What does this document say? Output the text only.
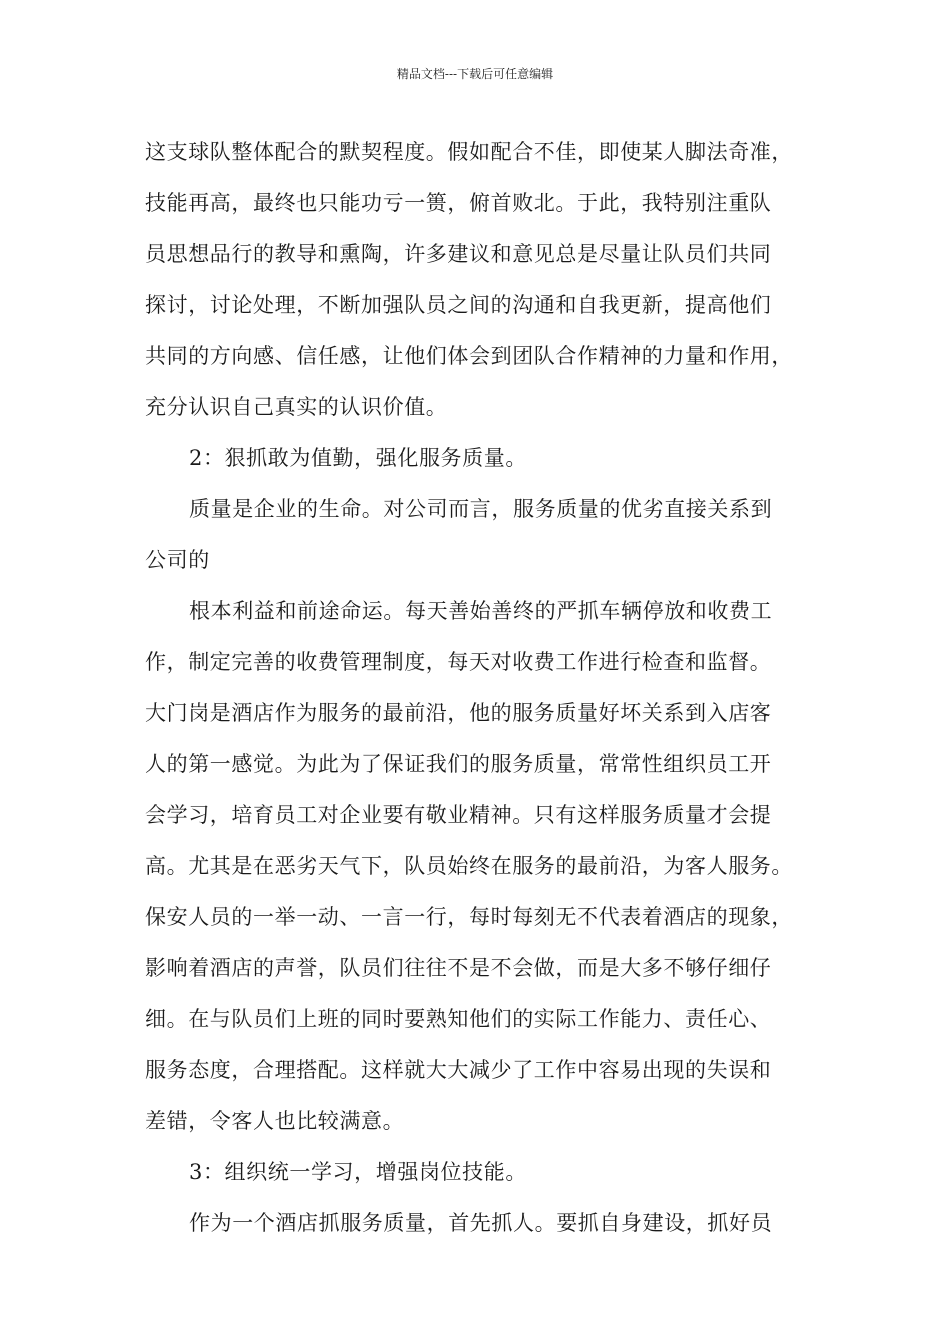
精品文档---下载后可任意编辑
这支球队整体配合的默契程度。假如配合不佳，即使某人脚法奇准，
技能再高，最终也只能功亏一篑，俯首败北。于此，我特别注重队
员思想品行的教导和熏陶，许多建议和意见总是尽量让队员们共同
探讨，讨论处理，不断加强队员之间的沟通和自我更新，提高他们
共同的方向感、信任感，让他们体会到团队合作精神的力量和作用，
充分认识自己真实的认识价值。
2：狠抓敢为值勤，强化服务质量。
质量是企业的生命。对公司而言，服务质量的优劣直接关系到
公司的
根本利益和前途命运。每天善始善终的严抓车辆停放和收费工
作，制定完善的收费管理制度，每天对收费工作进行检查和监督。
大门岗是酒店作为服务的最前沿，他的服务质量好坏关系到入店客
人的第一感觉。为此为了保证我们的服务质量，常常性组织员工开
会学习，培育员工对企业要有敬业精神。只有这样服务质量才会提
高。尤其是在恶劣天气下，队员始终在服务的最前沿，为客人服务。
保安人员的一举一动、一言一行，每时每刻无不代表着酒店的现象，
影响着酒店的声誉，队员们往往不是不会做，而是大多不够仔细仔
细。在与队员们上班的同时要熟知他们的实际工作能力、责任心、
服务态度，合理搭配。这样就大大减少了工作中容易出现的失误和
差错，令客人也比较满意。
3：组织统一学习，增强岗位技能。
作为一个酒店抓服务质量，首先抓人。要抓自身建设，抓好员
